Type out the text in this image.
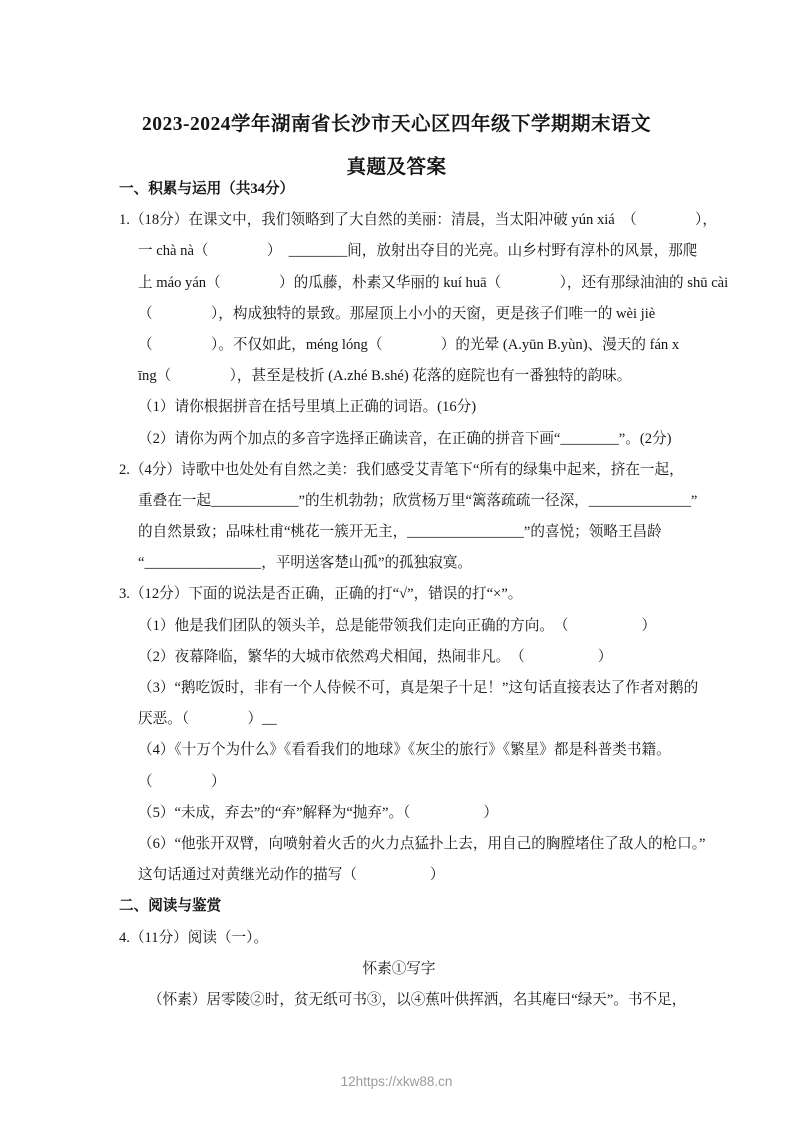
2023-2024学年湖南省长沙市天心区四年级下学期期末语文
真题及答案
一、积累与运用（共34分）
1.（18分）在课文中，我们领略到了大自然的美丽：清晨，当太阳冲破 yún xiá　（　　　　），
一 chà nà（　　　　）　________间，放射出夺目的光亮。山乡村野有淳朴的风景，那爬
上 máo yán（　　　　）的瓜藤，朴素又华丽的 kuí huā（　　　　），还有那绿油油的 shū cài
（　　　　），构成独特的景致。那屋顶上小小的天窗，更是孩子们唯一的 wèi jiè
（　　　　）。不仅如此，méng lóng（　　　　）的光晕 (A.yūn B.yùn)、漫天的 fán x
īng（　　　　），甚至是枝折 (A.zhé B.shé) 花落的庭院也有一番独特的韵味。
（1）请你根据拼音在括号里填上正确的词语。(16分)
（2）请你为两个加点的多音字选择正确读音，在正确的拼音下画“________”。(2分)
2.（4分）诗歌中也处处有自然之美：我们感受艾青笔下“所有的绿集中起来，挤在一起，
重叠在一起____________”的生机勃勃；欣赏杨万里“篱落疏疏一径深，______________”
的自然景致；品味杜甫“桃花一簇开无主，________________”的喜悦；领略王昌龄
“________________，平明送客楚山孤”的孤独寂寞。
3.（12分）下面的说法是否正确，正确的打“√”，错误的打“×”。
（1）他是我们团队的领头羊，总是能带领我们走向正确的方向。　（　　　　　）
（2）夜幕降临，繁华的大城市依然鸡犬相闻，热闹非凡。　（　　　　　）
（3）“鹅吃饭时，非有一个人侍候不可，真是架子十足！”这句话直接表达了作者对鹅的
厌恶。（　　　　）__
（4）《十万个为什么》《看看我们的地球》《灰尘的旅行》《繁星》都是科普类书籍。
（　　　　）
（5）“未成，弃去”的“弃”解释为“抛弃”。（　　　　　）
（6）“他张开双臂，向喷射着火舌的火力点猛扑上去，用自己的胸膛堵住了敌人的枪口。”
这句话通过对黄继光动作的描写（　　　　　）
二、阅读与鉴赏
4.（11分）阅读（一）。
怀素①写字
（怀素）居零陵②时，贫无纸可书③，以④蕉叶供挥洒，名其庵曰“绿天”。书不足，
12https://xkw88.cn
